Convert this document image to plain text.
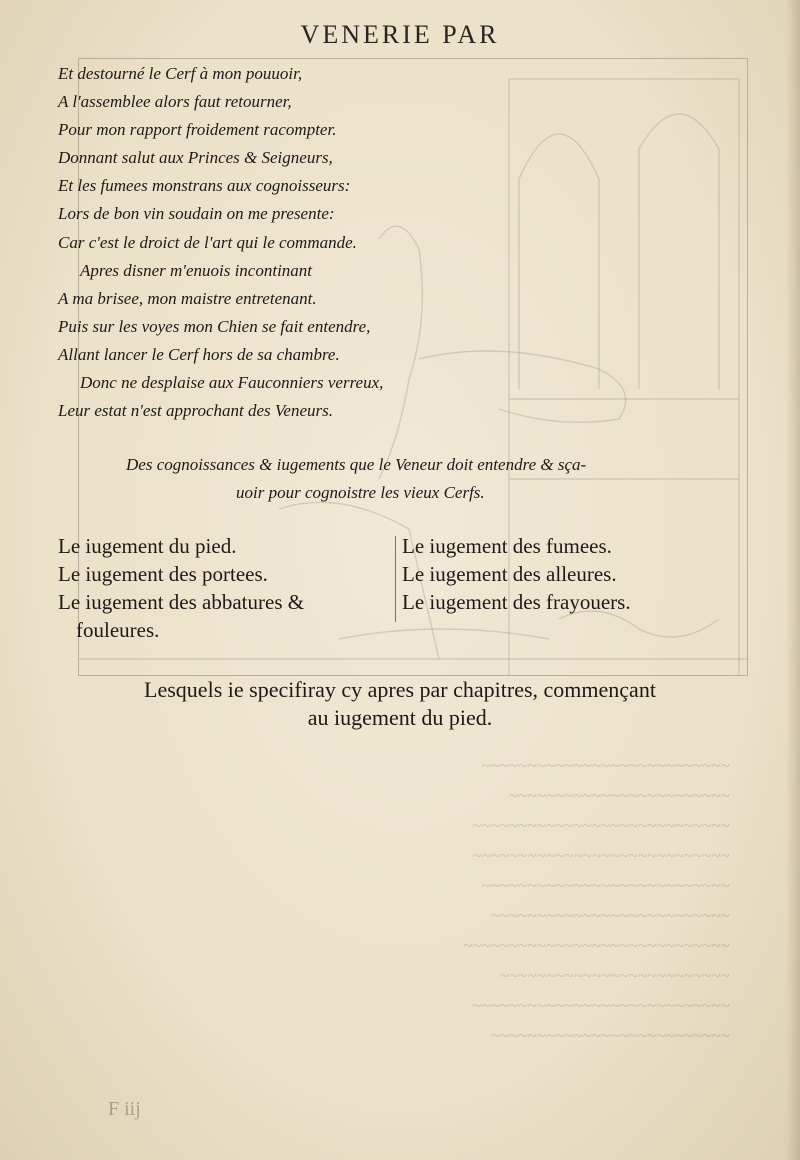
VENERIE PAR
Et destourné le Cerf à mon pouuoir,
A l'assemblee alors faut retourner,
Pour mon rapport froidement racompter.
Donnant salut aux Princes & Seigneurs,
Et les fumees monstrans aux cognoisseurs:
Lors de bon vin soudain on me presente:
Car c'est le droict de l'art qui le commande.
Apres disner m'enuois incontinant
A ma brisee, mon maistre entretenant.
Puis sur les voyes mon Chien se fait entendre,
Allant lancer le Cerf hors de sa chambre.
Donc ne desplaise aux Fauconniers verreux,
Leur estat n'est approchant des Veneurs.
Des cognoissances & iugements que le Veneur doit entendre & sça-
uoir pour cognoistre les vieux Cerfs.
Le iugement du pied.
Le iugement des portees.
Le iugement des abbatures &
fouleures.
Le iugement des fumees.
Le iugement des alleures.
Le iugement des frayouers.
Lesquels ie specifiray cy apres par chapitres, commençant
au iugement du pied.
~~~~~~~~~~~~~~~~~~~~~~~~~~
~~~~~~~~~~~~~~~~~~~~~~~~~~~~
~~~~~~~~~~~~~~~~~~~~~~~~~
~~~~~~~~~~~~~~~~~~~~~~~~~~~~~
~~~~~~~~~~~~~~~~~~~~~~~~~~
~~~~~~~~~~~~~~~~~~~~~~~~~~~
~~~~~~~~~~~~~~~~~~~~~~~~~~~~
~~~~~~~~~~~~~~~~~~~~~~~~~~~~
~~~~~~~~~~~~~~~~~~~~~~~~
~~~~~~~~~~~~~~~~~~~~~~~~~~~
F iij
